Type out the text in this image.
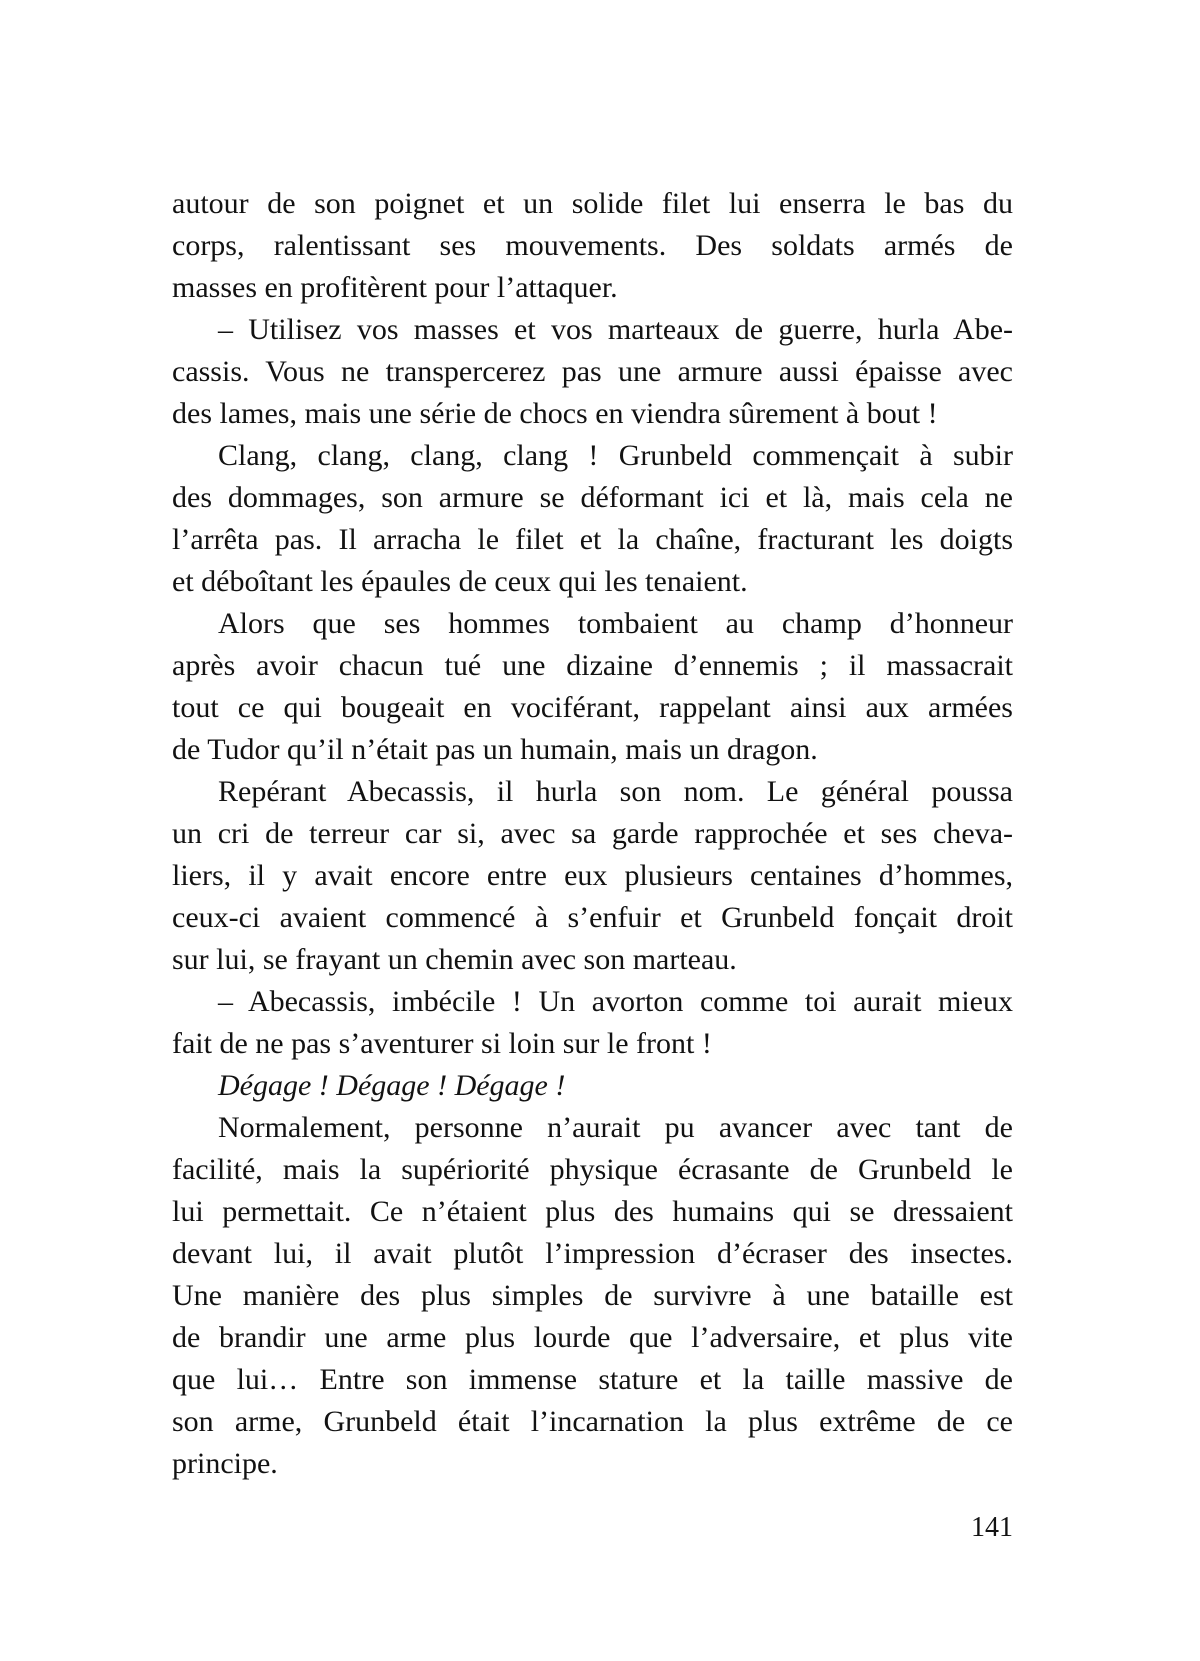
autour de son poignet et un solide filet lui enserra le bas du
corps, ralentissant ses mouvements. Des soldats armés de
masses en profitèrent pour l’attaquer.

– Utilisez vos masses et vos marteaux de guerre, hurla Abe-
cassis. Vous ne transpercerez pas une armure aussi épaisse avec
des lames, mais une série de chocs en viendra sûrement à bout !

Clang, clang, clang, clang ! Grunbeld commençait à subir
des dommages, son armure se déformant ici et là, mais cela ne
l’arrêta pas. Il arracha le filet et la chaîne, fracturant les doigts
et déboîtant les épaules de ceux qui les tenaient.

Alors que ses hommes tombaient au champ d’honneur
après avoir chacun tué une dizaine d’ennemis ; il massacrait
tout ce qui bougeait en vociférant, rappelant ainsi aux armées
de Tudor qu’il n’était pas un humain, mais un dragon.

Repérant Abecassis, il hurla son nom. Le général poussa
un cri de terreur car si, avec sa garde rapprochée et ses cheva-
liers, il y avait encore entre eux plusieurs centaines d’hommes,
ceux-ci avaient commencé à s’enfuir et Grunbeld fonçait droit
sur lui, se frayant un chemin avec son marteau.

– Abecassis, imbécile ! Un avorton comme toi aurait mieux
fait de ne pas s’aventurer si loin sur le front !

Dégage ! Dégage ! Dégage !

Normalement, personne n’aurait pu avancer avec tant de
facilité, mais la supériorité physique écrasante de Grunbeld le
lui permettait. Ce n’étaient plus des humains qui se dressaient
devant lui, il avait plutôt l’impression d’écraser des insectes.
Une manière des plus simples de survivre à une bataille est
de brandir une arme plus lourde que l’adversaire, et plus vite
que lui… Entre son immense stature et la taille massive de
son arme, Grunbeld était l’incarnation la plus extrême de ce
principe.

141
